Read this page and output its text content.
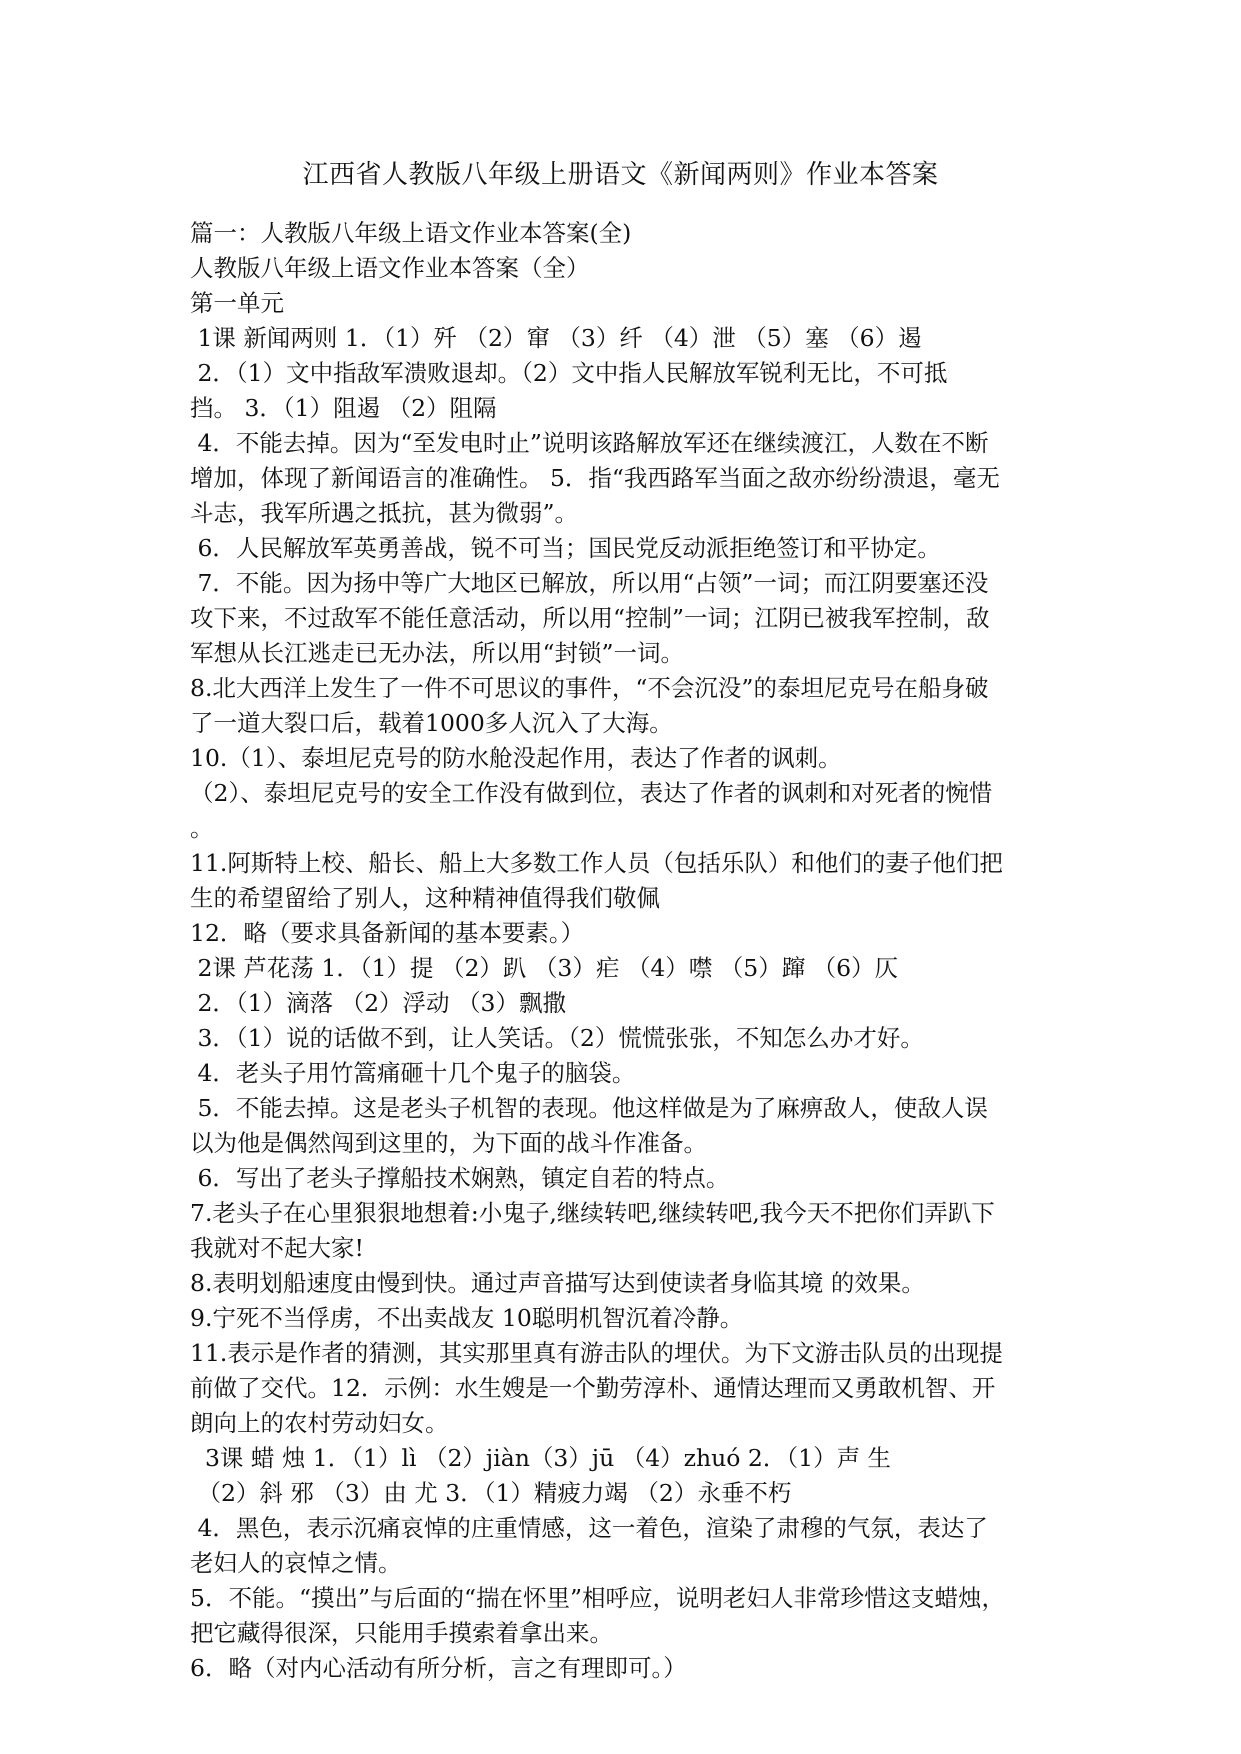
江西省人教版八年级上册语文《新闻两则》作业本答案
篇一：人教版八年级上语文作业本答案(全)
人教版八年级上语文作业本答案（全）
第一单元
1课 新闻两则 1．（1）歼 （2）窜 （3）纤 （4）泄 （5）塞 （6）遏
2．（1）文中指敌军溃败退却。（2）文中指人民解放军锐利无比，不可抵
挡。 3．（1）阻遏 （2）阻隔
4．不能去掉。因为“至发电时止”说明该路解放军还在继续渡江，人数在不断
增加，体现了新闻语言的准确性。 5．指“我西路军当面之敌亦纷纷溃退，毫无
斗志，我军所遇之抵抗，甚为微弱”。
6．人民解放军英勇善战，锐不可当；国民党反动派拒绝签订和平协定。
7．不能。因为扬中等广大地区已解放，所以用“占领”一词；而江阴要塞还没
攻下来，不过敌军不能任意活动，所以用“控制”一词；江阴已被我军控制，敌
军想从长江逃走已无办法，所以用“封锁”一词。
8.北大西洋上发生了一件不可思议的事件，“不会沉没”的泰坦尼克号在船身破
了一道大裂口后，载着1000多人沉入了大海。
10.（1）、泰坦尼克号的防水舱没起作用，表达了作者的讽刺。
（2）、泰坦尼克号的安全工作没有做到位，表达了作者的讽刺和对死者的惋惜
。
11.阿斯特上校、船长、船上大多数工作人员（包括乐队）和他们的妻子他们把
生的希望留给了别人，这种精神值得我们敬佩
12．略（要求具备新闻的基本要素。）
2课 芦花荡 1．（1）提 （2）趴 （3）疟 （4）噤 （5）蹿 （6）仄
2．（1）滴落 （2）浮动 （3）飘撒
3．（1）说的话做不到，让人笑话。（2）慌慌张张，不知怎么办才好。
4．老头子用竹篙痛砸十几个鬼子的脑袋。
5．不能去掉。这是老头子机智的表现。他这样做是为了麻痹敌人，使敌人误
以为他是偶然闯到这里的，为下面的战斗作准备。
6．写出了老头子撑船技术娴熟，镇定自若的特点。
7.老头子在心里狠狠地想着:小鬼子,继续转吧,继续转吧,我今天不把你们弄趴下
我就对不起大家!
8.表明划船速度由慢到快。通过声音描写达到使读者身临其境 的效果。
9.宁死不当俘虏，不出卖战友 10聪明机智沉着冷静。
11.表示是作者的猜测，其实那里真有游击队的埋伏。为下文游击队员的出现提
前做了交代。12．示例：水生嫂是一个勤劳淳朴、通情达理而又勇敢机智、开
朗向上的农村劳动妇女。
3课 蜡 烛 1．（1）lì （2）jiàn（3）jū （4）zhuó 2．（1）声 生
（2）斜 邪 （3）由 尤 3．（1）精疲力竭 （2）永垂不朽
4．黑色，表示沉痛哀悼的庄重情感，这一着色，渲染了肃穆的气氛，表达了
老妇人的哀悼之情。
5．不能。“摸出”与后面的“揣在怀里”相呼应，说明老妇人非常珍惜这支蜡烛，
把它藏得很深，只能用手摸索着拿出来。
6．略（对内心活动有所分析，言之有理即可。）
